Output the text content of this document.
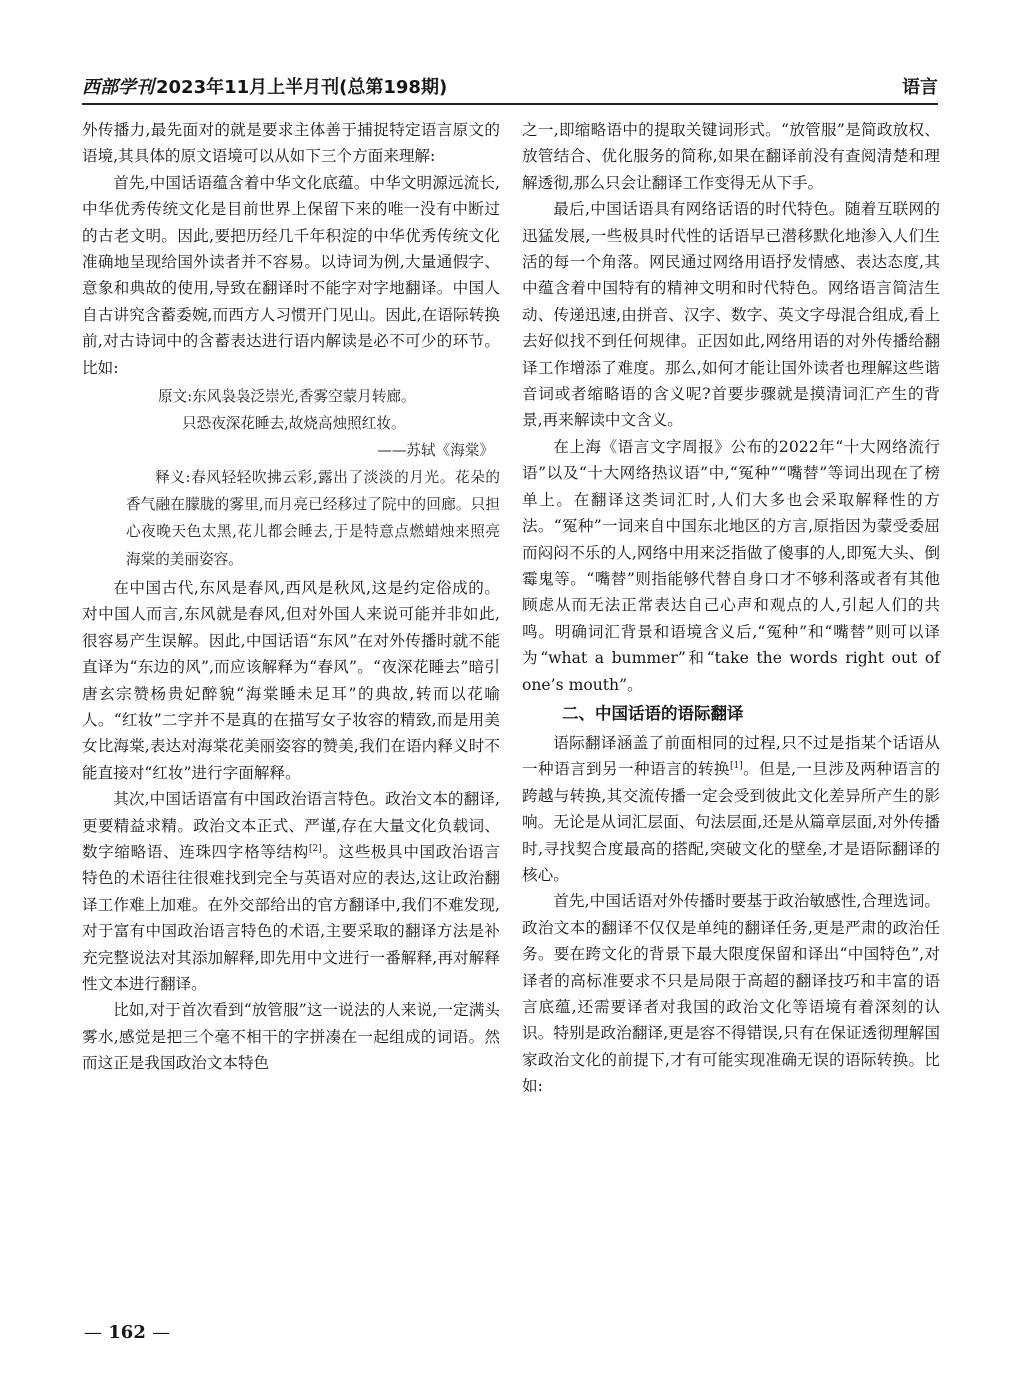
西部学刊 2023年11月上半月刊(总第198期)	语言

外传播力,最先面对的就是要求主体善于捕捉特定语言原文的语境,其具体的原文语境可以从如下三个方面来理解:

首先,中国话语蕴含着中华文化底蕴。中华文明源远流长,中华优秀传统文化是目前世界上保留下来的唯一没有中断过的古老文明。因此,要把历经几千年积淀的中华优秀传统文化准确地呈现给国外读者并不容易。以诗词为例,大量通假字、意象和典故的使用,导致在翻译时不能字对字地翻译。中国人自古讲究含蓄委婉,而西方人习惯开门见山。因此,在语际转换前,对古诗词中的含蓄表达进行语内解读是必不可少的环节。比如:

原文:东风袅袅泛崇光,香雾空蒙月转廊。
只恐夜深花睡去,故烧高烛照红妆。
——苏轼《海棠》
释义:春风轻轻吹拂云彩,露出了淡淡的月光。花朵的香气融在朦胧的雾里,而月亮已经移过了院中的回廊。只担心夜晚天色太黑,花儿都会睡去,于是特意点燃蜡烛来照亮海棠的美丽姿容。

在中国古代,东风是春风,西风是秋风,这是约定俗成的。对中国人而言,东风就是春风,但对外国人来说可能并非如此,很容易产生误解。因此,中国话语“东风”在对外传播时就不能直译为“东边的风”,而应该解释为“春风”。“夜深花睡去”暗引唐玄宗赞杨贵妃醉貌“海棠睡未足耳”的典故,转而以花喻人。“红妆”二字并不是真的在描写女子妆容的精致,而是用美女比海棠,表达对海棠花美丽姿容的赞美,我们在语内释义时不能直接对“红妆”进行字面解释。

其次,中国话语富有中国政治语言特色。政治文本的翻译,更要精益求精。政治文本正式、严谨,存在大量文化负载词、数字缩略语、连珠四字格等结构[2]。这些极具中国政治语言特色的术语往往很难找到完全与英语对应的表达,这让政治翻译工作难上加难。在外交部给出的官方翻译中,我们不难发现,对于富有中国政治语言特色的术语,主要采取的翻译方法是补充完整说法对其添加解释,即先用中文进行一番解释,再对解释性文本进行翻译。

比如,对于首次看到“放管服”这一说法的人来说,一定满头雾水,感觉是把三个毫不相干的字拼凑在一起组成的词语。然而这正是我国政治文本特色

之一,即缩略语中的提取关键词形式。“放管服”是简政放权、放管结合、优化服务的简称,如果在翻译前没有查阅清楚和理解透彻,那么只会让翻译工作变得无从下手。

最后,中国话语具有网络话语的时代特色。随着互联网的迅猛发展,一些极具时代性的话语早已潜移默化地渗入人们生活的每一个角落。网民通过网络用语抒发情感、表达态度,其中蕴含着中国特有的精神文明和时代特色。网络语言简洁生动、传递迅速,由拼音、汉字、数字、英文字母混合组成,看上去好似找不到任何规律。正因如此,网络用语的对外传播给翻译工作增添了难度。那么,如何才能让国外读者也理解这些谐音词或者缩略语的含义呢?首要步骤就是摸清词汇产生的背景,再来解读中文含义。

在上海《语言文字周报》公布的2022年“十大网络流行语”以及“十大网络热议语”中,“冤种”“嘴替”等词出现在了榜单上。在翻译这类词汇时,人们大多也会采取解释性的方法。“冤种”一词来自中国东北地区的方言,原指因为蒙受委屈而闷闷不乐的人,网络中用来泛指做了傻事的人,即冤大头、倒霉鬼等。“嘴替”则指能够代替自身口才不够利落或者有其他顾虑从而无法正常表达自己心声和观点的人,引起人们的共鸣。明确词汇背景和语境含义后,“冤种”和“嘴替”则可以译为“what a bummer”和“take the words right out of one’s mouth”。

二、中国话语的语际翻译

语际翻译涵盖了前面相同的过程,只不过是指某个话语从一种语言到另一种语言的转换[1]。但是,一旦涉及两种语言的跨越与转换,其交流传播一定会受到彼此文化差异所产生的影响。无论是从词汇层面、句法层面,还是从篇章层面,对外传播时,寻找契合度最高的搭配,突破文化的壁垒,才是语际翻译的核心。

首先,中国话语对外传播时要基于政治敏感性,合理选词。政治文本的翻译不仅仅是单纯的翻译任务,更是严肃的政治任务。要在跨文化的背景下最大限度保留和译出“中国特色”,对译者的高标准要求不只是局限于高超的翻译技巧和丰富的语言底蕴,还需要译者对我国的政治文化等语境有着深刻的认识。特别是政治翻译,更是容不得错误,只有在保证透彻理解国家政治文化的前提下,才有可能实现准确无误的语际转换。比如:

— 162 —
